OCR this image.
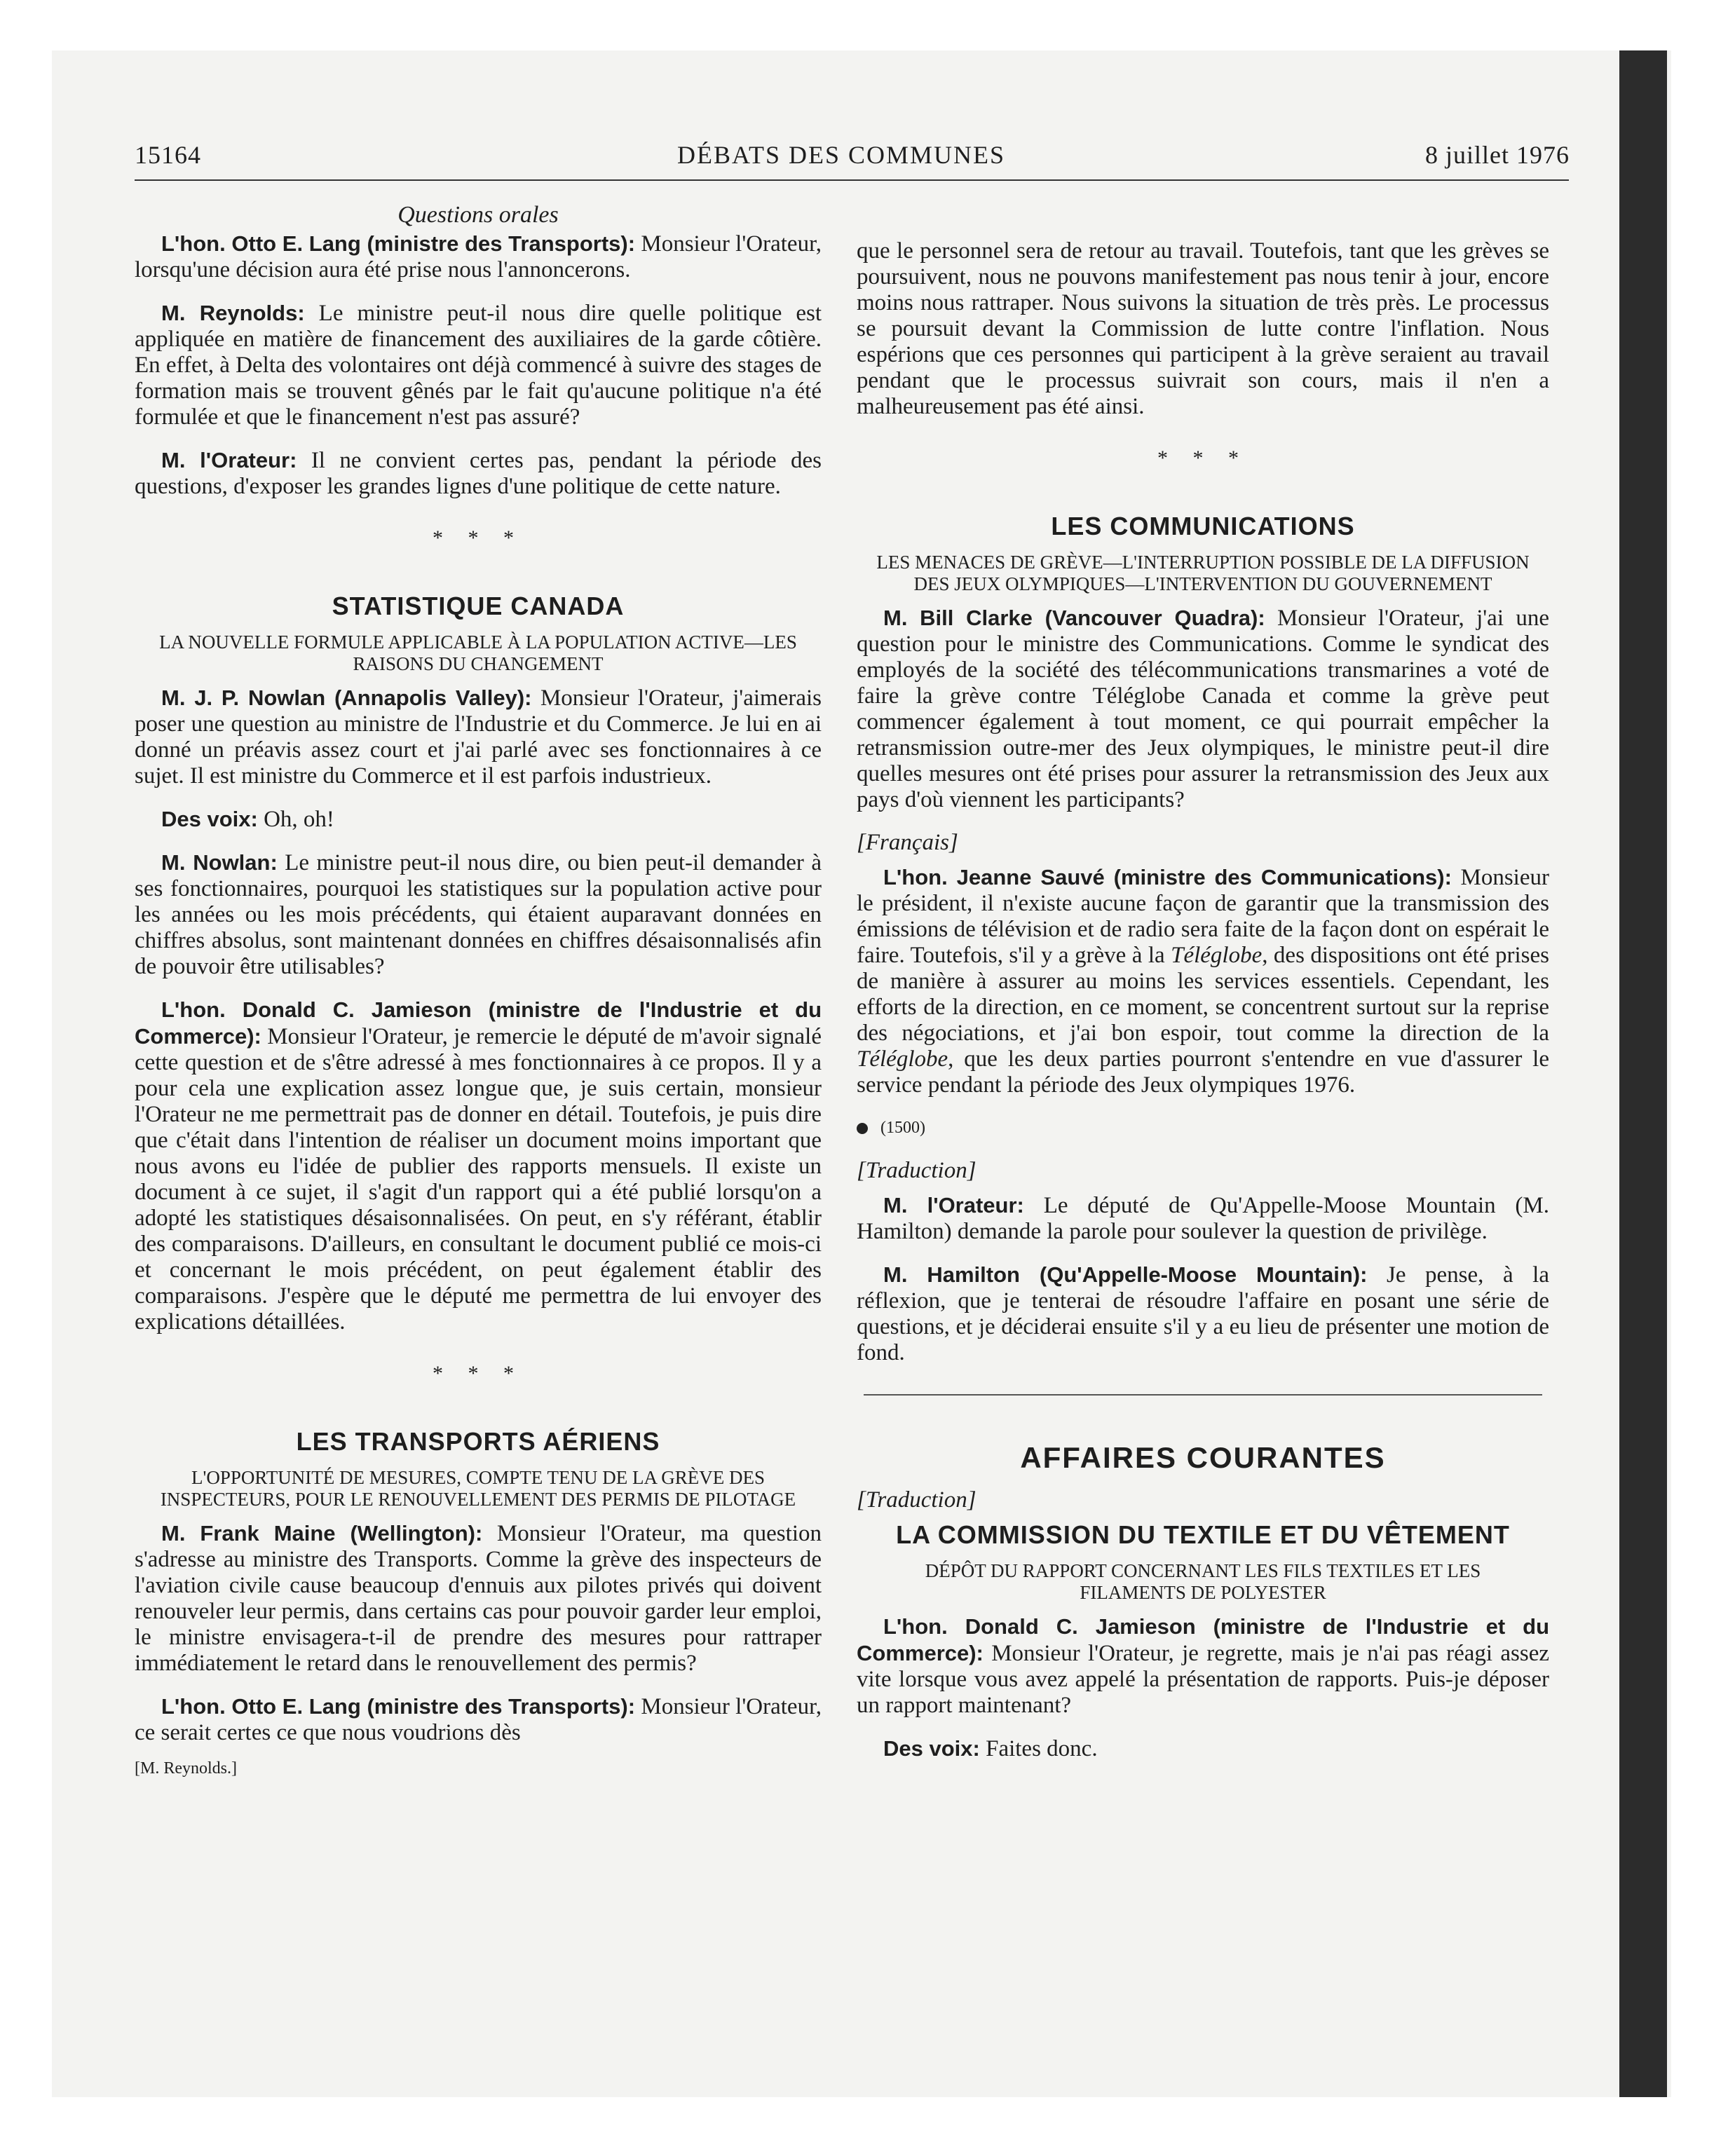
15164	DÉBATS DES COMMUNES	8 juillet 1976

Questions orales

L'hon. Otto E. Lang (ministre des Transports): Monsieur l'Orateur, lorsqu'une décision aura été prise nous l'annoncerons.

M. Reynolds: Le ministre peut-il nous dire quelle politique est appliquée en matière de financement des auxiliaires de la garde côtière. En effet, à Delta des volontaires ont déjà commencé à suivre des stages de formation mais se trouvent gênés par le fait qu'aucune politique n'a été formulée et que le financement n'est pas assuré?

M. l'Orateur: Il ne convient certes pas, pendant la période des questions, d'exposer les grandes lignes d'une politique de cette nature.

* * *
STATISTIQUE CANADA
LA NOUVELLE FORMULE APPLICABLE À LA POPULATION ACTIVE—LES RAISONS DU CHANGEMENT

M. J. P. Nowlan (Annapolis Valley): Monsieur l'Orateur, j'aimerais poser une question au ministre de l'Industrie et du Commerce. Je lui en ai donné un préavis assez court et j'ai parlé avec ses fonctionnaires à ce sujet. Il est ministre du Commerce et il est parfois industrieux.

Des voix: Oh, oh!

M. Nowlan: Le ministre peut-il nous dire, ou bien peut-il demander à ses fonctionnaires, pourquoi les statistiques sur la population active pour les années ou les mois précédents, qui étaient auparavant données en chiffres absolus, sont maintenant données en chiffres désaisonnalisés afin de pouvoir être utilisables?

L'hon. Donald C. Jamieson (ministre de l'Industrie et du Commerce): Monsieur l'Orateur, je remercie le député de m'avoir signalé cette question et de s'être adressé à mes fonctionnaires à ce propos. Il y a pour cela une explication assez longue que, je suis certain, monsieur l'Orateur ne me permettrait pas de donner en détail. Toutefois, je puis dire que c'était dans l'intention de réaliser un document moins important que nous avons eu l'idée de publier des rapports mensuels. Il existe un document à ce sujet, il s'agit d'un rapport qui a été publié lorsqu'on a adopté les statistiques désaisonnalisées. On peut, en s'y référant, établir des comparaisons. D'ailleurs, en consultant le document publié ce mois-ci et concernant le mois précédent, on peut également établir des comparaisons. J'espère que le député me permettra de lui envoyer des explications détaillées.

* * *
LES TRANSPORTS AÉRIENS
L'OPPORTUNITÉ DE MESURES, COMPTE TENU DE LA GRÈVE DES INSPECTEURS, POUR LE RENOUVELLEMENT DES PERMIS DE PILOTAGE

M. Frank Maine (Wellington): Monsieur l'Orateur, ma question s'adresse au ministre des Transports. Comme la grève des inspecteurs de l'aviation civile cause beaucoup d'ennuis aux pilotes privés qui doivent renouveler leur permis, dans certains cas pour pouvoir garder leur emploi, le ministre envisagera-t-il de prendre des mesures pour rattraper immédiatement le retard dans le renouvellement des permis?

L'hon. Otto E. Lang (ministre des Transports): Monsieur l'Orateur, ce serait certes ce que nous voudrions dès

[M. Reynolds.]

que le personnel sera de retour au travail. Toutefois, tant que les grèves se poursuivent, nous ne pouvons manifestement pas nous tenir à jour, encore moins nous rattraper. Nous suivons la situation de très près. Le processus se poursuit devant la Commission de lutte contre l'inflation. Nous espérions que ces personnes qui participent à la grève seraient au travail pendant que le processus suivrait son cours, mais il n'en a malheureusement pas été ainsi.

* * *
LES COMMUNICATIONS
LES MENACES DE GRÈVE—L'INTERRUPTION POSSIBLE DE LA DIFFUSION DES JEUX OLYMPIQUES—L'INTERVENTION DU GOUVERNEMENT

M. Bill Clarke (Vancouver Quadra): Monsieur l'Orateur, j'ai une question pour le ministre des Communications. Comme le syndicat des employés de la société des télécommunications transmarines a voté de faire la grève contre Téléglobe Canada et comme la grève peut commencer également à tout moment, ce qui pourrait empêcher la retransmission outre-mer des Jeux olympiques, le ministre peut-il dire quelles mesures ont été prises pour assurer la retransmission des Jeux aux pays d'où viennent les participants?

[Français]

L'hon. Jeanne Sauvé (ministre des Communications): Monsieur le président, il n'existe aucune façon de garantir que la transmission des émissions de télévision et de radio sera faite de la façon dont on espérait le faire. Toutefois, s'il y a grève à la Téléglobe, des dispositions ont été prises de manière à assurer au moins les services essentiels. Cependant, les efforts de la direction, en ce moment, se concentrent surtout sur la reprise des négociations, et j'ai bon espoir, tout comme la direction de la Téléglobe, que les deux parties pourront s'entendre en vue d'assurer le service pendant la période des Jeux olympiques 1976.

(1500)

[Traduction]

M. l'Orateur: Le député de Qu'Appelle-Moose Mountain (M. Hamilton) demande la parole pour soulever la question de privilège.

M. Hamilton (Qu'Appelle-Moose Mountain): Je pense, à la réflexion, que je tenterai de résoudre l'affaire en posant une série de questions, et je déciderai ensuite s'il y a eu lieu de présenter une motion de fond.

AFFAIRES COURANTES

[Traduction]

LA COMMISSION DU TEXTILE ET DU VÊTEMENT
DÉPÔT DU RAPPORT CONCERNANT LES FILS TEXTILES ET LES FILAMENTS DE POLYESTER

L'hon. Donald C. Jamieson (ministre de l'Industrie et du Commerce): Monsieur l'Orateur, je regrette, mais je n'ai pas réagi assez vite lorsque vous avez appelé la présentation de rapports. Puis-je déposer un rapport maintenant?

Des voix: Faites donc.
